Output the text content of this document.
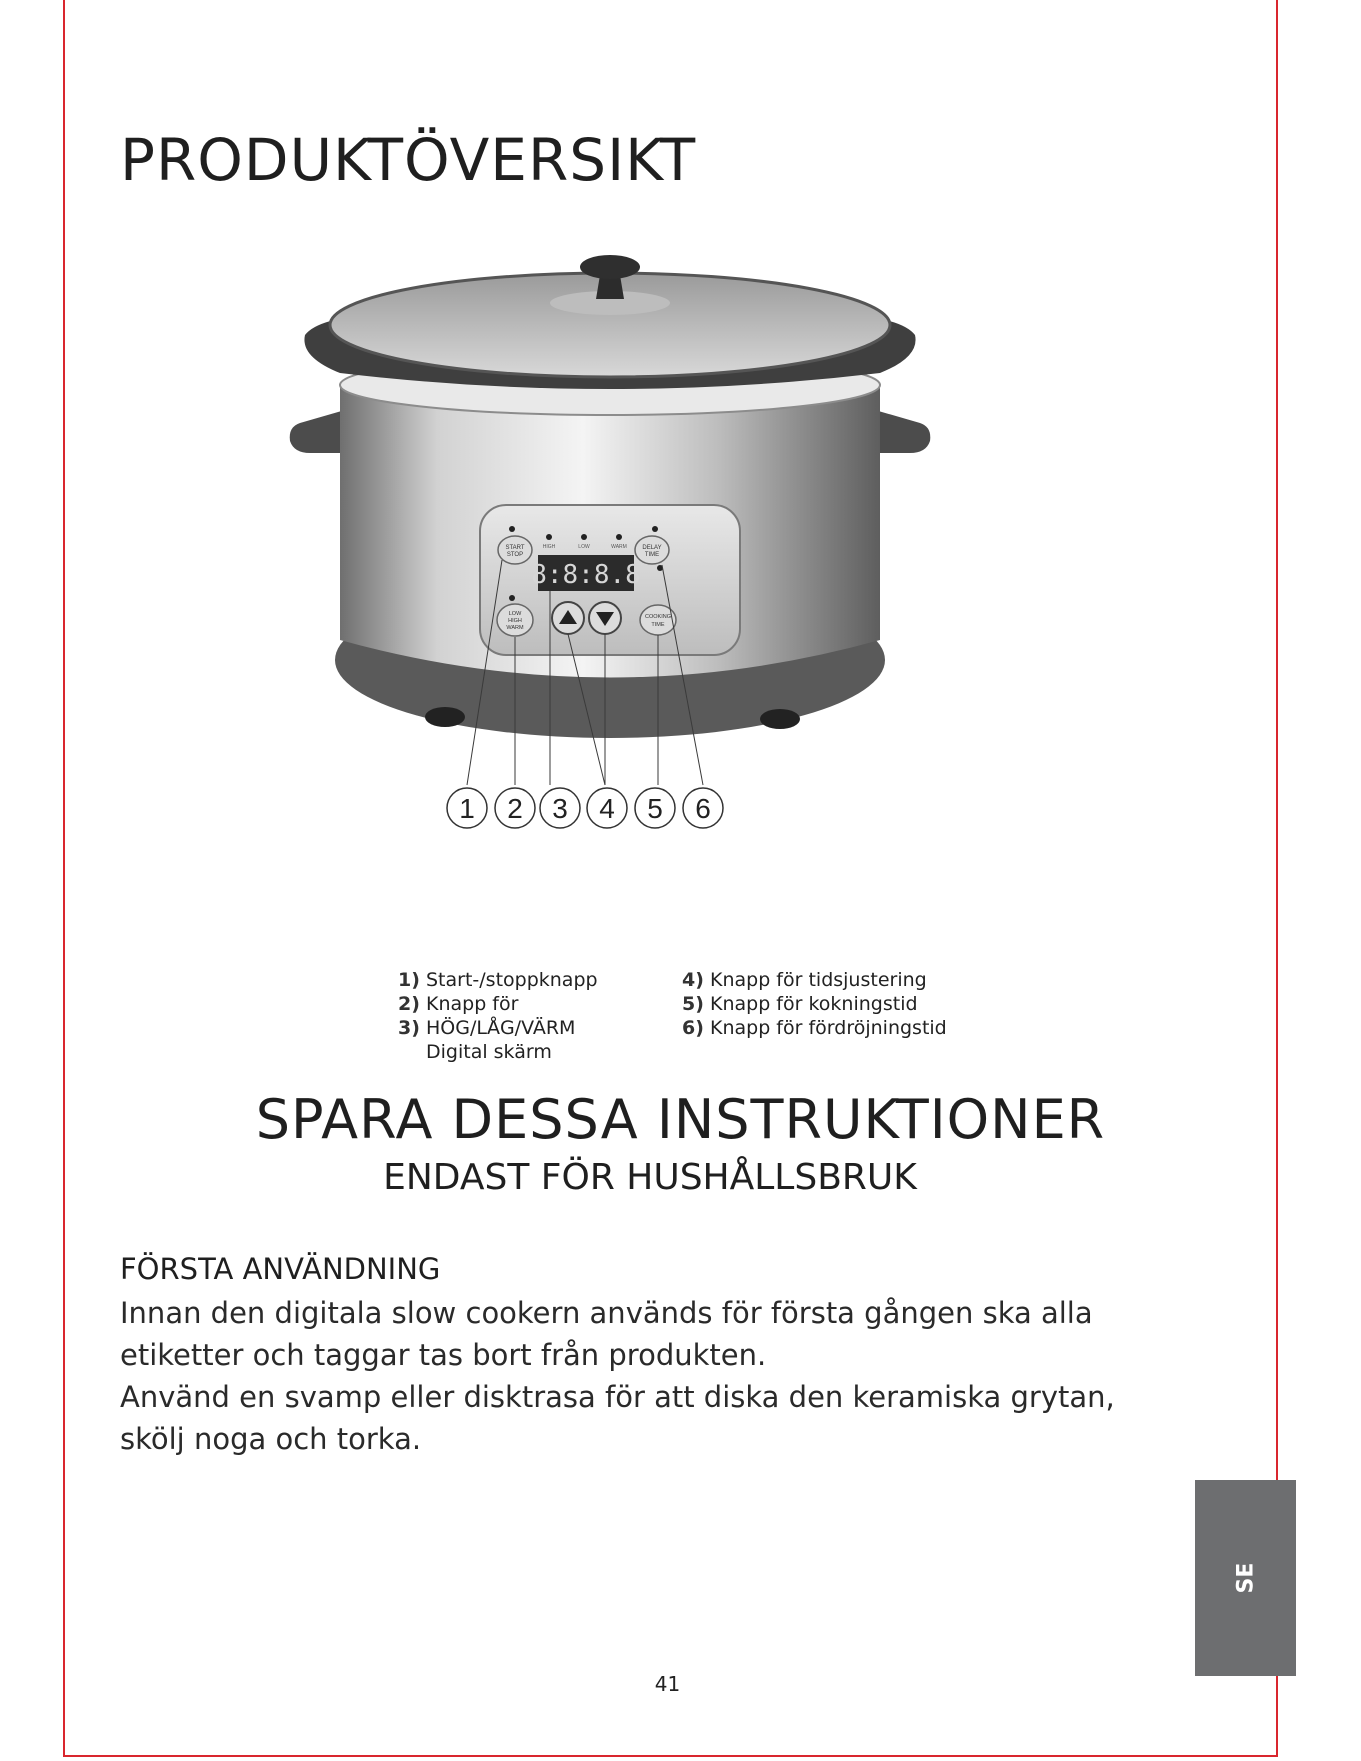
PRODUKTÖVERSIKT
START
STOP
DELAY
TIME
LOW
HIGH
WARM
COOKING
TIME
HIGH	LOW	WARM
8:8:8.8
1 2 3 4 5 6
1) Start-/stoppknapp
2) Knapp för
3) HÖG/LÅG/VÄRM
Digital skärm
4) Knapp för tidsjustering
5) Knapp för kokningstid
6) Knapp för fördröjningstid
SPARA DESSA INSTRUKTIONER
ENDAST FÖR HUSHÅLLSBRUK
FÖRSTA ANVÄNDNING

Innan den digitala slow cookern används för första gången ska alla
etiketter och taggar tas bort från produkten.
Använd en svamp eller disktrasa för att diska den keramiska grytan,
skölj noga och torka.

SE
41
